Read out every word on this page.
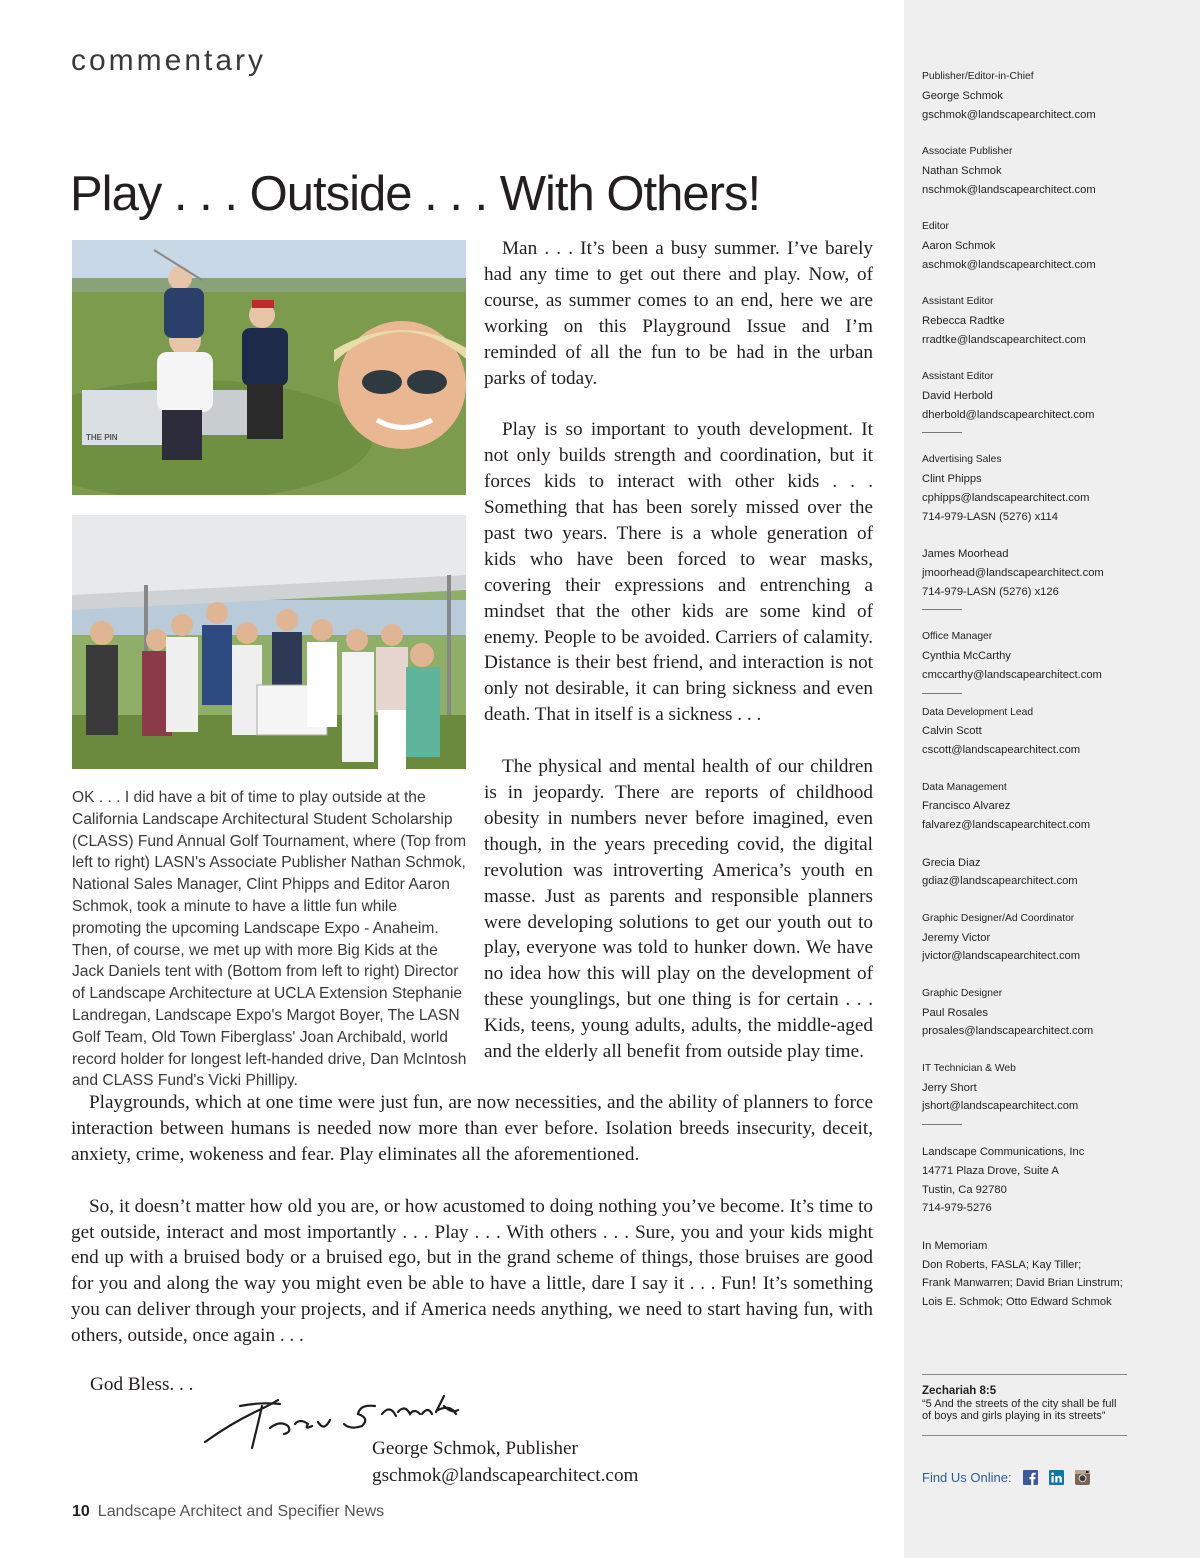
commentary
Play . . . Outside . . . With Others!
THE PIN
OK . . . I did have a bit of time to play outside at the California Landscape Architectural Student Scholarship (CLASS) Fund Annual Golf Tournament, where (Top from left to right) LASN's Associate Publisher Nathan Schmok, National Sales Manager, Clint Phipps and Editor Aaron Schmok, took a minute to have a little fun while promoting the upcoming Landscape Expo - Anaheim. Then, of course, we met up with more Big Kids at the Jack Daniels tent with (Bottom from left to right) Director of Landscape Architecture at UCLA Extension Stephanie Landregan, Landscape Expo's Margot Boyer, The LASN Golf Team, Old Town Fiberglass' Joan Archibald, world record holder for longest left-handed drive, Dan McIntosh and CLASS Fund's Vicki Phillipy.

Man . . . It’s been a busy summer. I’ve barely had any time to get out there and play. Now, of course, as summer comes to an end, here we are working on this Playground Issue and I’m reminded of all the fun to be had in the urban parks of today.

Play is so important to youth development. It not only builds strength and coordination, but it forces kids to interact with other kids . . . Something that has been sorely missed over the past two years. There is a whole generation of kids who have been forced to wear masks, covering their expressions and entrenching a mindset that the other kids are some kind of enemy. People to be avoided. Carriers of calamity. Distance is their best friend, and interaction is not only not desirable, it can bring sickness and even death. That in itself is a sickness . . .

The physical and mental health of our children is in jeopardy. There are reports of childhood obesity in numbers never before imagined, even though, in the years preceding covid, the digital revolution was introverting America’s youth en masse. Just as parents and responsible planners were developing solutions to get our youth out to play, everyone was told to hunker down. We have no idea how this will play on the development of these younglings, but one thing is for certain . . . Kids, teens, young adults, adults, the middle-aged and the elderly all benefit from outside play time.

Playgrounds, which at one time were just fun, are now necessities, and the ability of planners to force interaction between humans is needed now more than ever before. Isolation breeds insecurity, deceit, anxiety, crime, wokeness and fear. Play eliminates all the aforementioned.

So, it doesn’t matter how old you are, or how acustomed to doing nothing you’ve become. It’s time to get outside, interact and most importantly . . . Play . . . With others . . . Sure, you and your kids might end up with a bruised body or a bruised ego, but in the grand scheme of things, those bruises are good for you and along the way you might even be able to have a little, dare I say it . . . Fun! It’s something you can deliver through your projects, and if America needs anything, we need to start having fun, with others, outside, once again . . .

God Bless. . .
George Schmok, Publisher
gschmok@landscapearchitect.com
10 Landscape Architect and Specifier News
Publisher/Editor-in-Chief
George Schmok
gschmok@landscapearchitect.com
Associate Publisher
Nathan Schmok
nschmok@landscapearchitect.com
Editor
Aaron Schmok
aschmok@landscapearchitect.com
Assistant Editor
Rebecca Radtke
rradtke@landscapearchitect.com
Assistant Editor
David Herbold
dherbold@landscapearchitect.com
Advertising Sales
Clint Phipps
cphipps@landscapearchitect.com
714-979-LASN (5276) x114
James Moorhead
jmoorhead@landscapearchitect.com
714-979-LASN (5276) x126
Office Manager
Cynthia McCarthy
cmccarthy@landscapearchitect.com
Data Development Lead
Calvin Scott
cscott@landscapearchitect.com
Data Management
Francisco Alvarez
falvarez@landscapearchitect.com
Grecia Diaz
gdiaz@landscapearchitect.com
Graphic Designer/Ad Coordinator
Jeremy Victor
jvictor@landscapearchitect.com
Graphic Designer
Paul Rosales
prosales@landscapearchitect.com
IT Technician & Web
Jerry Short
jshort@landscapearchitect.com
Landscape Communications, Inc
14771 Plaza Drove, Suite A
Tustin, Ca 92780
714-979-5276
In Memoriam
Don Roberts, FASLA; Kay Tiller;
Frank Manwarren; David Brian Linstrum;
Lois E. Schmok; Otto Edward Schmok
Zechariah 8:5
“5 And the streets of the city shall be full of boys and girls playing in its streets”
Find Us Online:
